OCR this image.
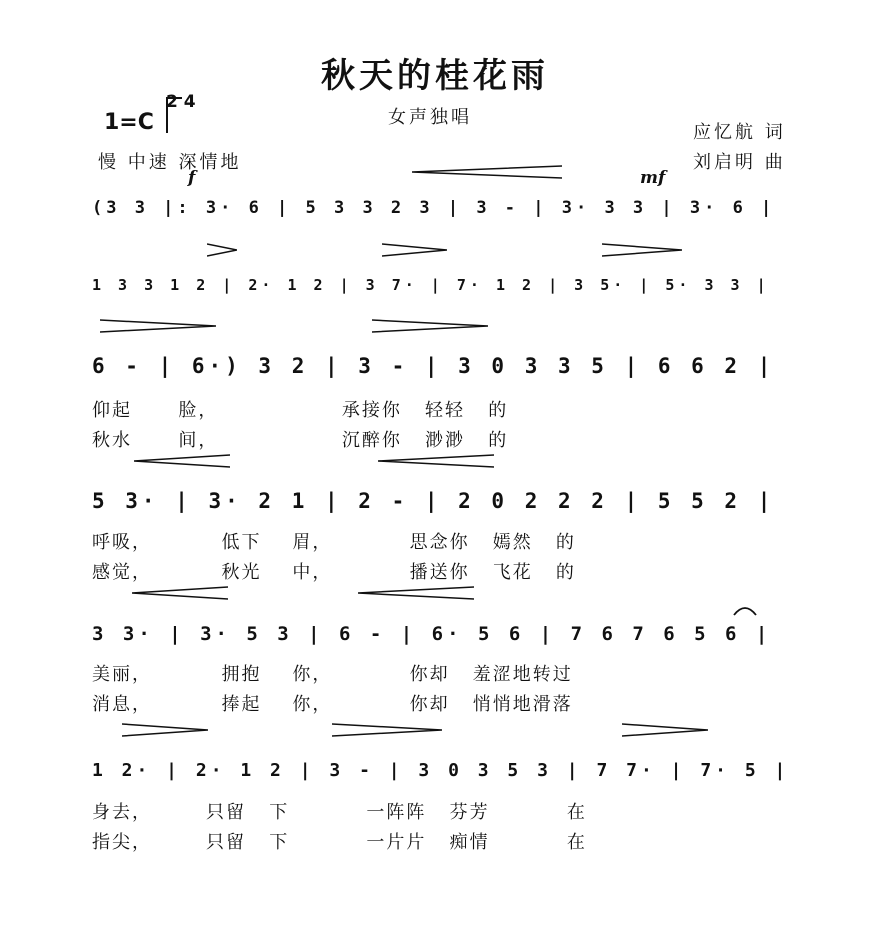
秋天的桂花雨
女声独唱
1=C
2 4
慢 中速 深情地
应忆航 词
刘启明 曲
f	mf
(3 3 |: 3· 6 | 5 3 3 2 3 | 3 - | 3· 3 3 | 3· 6 |
1 3 3 1 2 | 2· 1 2 | 3 7· | 7· 1 2 | 3 5· | 5· 3 3 |
6 - | 6·) 3 2 | 3 - | 3 0 3 3 5 | 6 6 2 |
仰起      脸，                承接你   轻轻   的
秋水      间，                沉醉你   渺渺   的
5 3· | 3· 2 1 | 2 - | 2 0 2 2 2 | 5 5 2 |
呼吸，         低下    眉，          思念你   嫣然   的
感觉，         秋光    中，          播送你   飞花   的
3 3· | 3· 5 3 | 6 - | 6· 5 6 | 7 6 7 6 5 6 |
美丽，         拥抱    你，          你却   羞涩地转过
消息，         捧起    你，          你却   悄悄地滑落
1 2· | 2· 1 2 | 3 - | 3 0 3 5 3 | 7 7· | 7· 5 |
身去，       只留   下          一阵阵   芬芳          在
指尖，       只留   下          一片片   痴情          在
